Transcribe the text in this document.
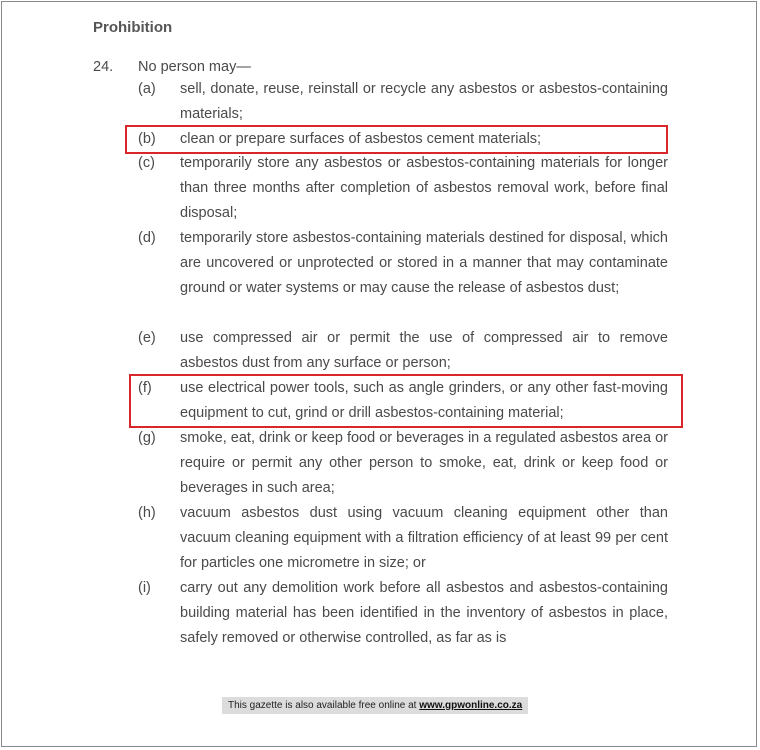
Prohibition
24. No person may—
(a)	sell, donate, reuse, reinstall or recycle any asbestos or asbestos-containing materials;
(b)	clean or prepare surfaces of asbestos cement materials;
(c)	temporarily store any asbestos or asbestos-containing materials for longer than three months after completion of asbestos removal work, before final disposal;
(d)	temporarily store asbestos-containing materials destined for disposal, which are uncovered or unprotected or stored in a manner that may contaminate ground or water systems or may cause the release of asbestos dust;
(e)	use compressed air or permit the use of compressed air to remove asbestos dust from any surface or person;
(f)	use electrical power tools, such as angle grinders, or any other fast-moving equipment to cut, grind or drill asbestos-containing material;
(g)	smoke, eat, drink or keep food or beverages in a regulated asbestos area or require or permit any other person to smoke, eat, drink or keep food or beverages in such area;
(h)	vacuum asbestos dust using vacuum cleaning equipment other than vacuum cleaning equipment with a filtration efficiency of at least 99 per cent for particles one micrometre in size; or
(i)	carry out any demolition work before all asbestos and asbestos-containing building material has been identified in the inventory of asbestos in place, safely removed or otherwise controlled, as far as is
This gazette is also available free online at www.gpwonline.co.za
